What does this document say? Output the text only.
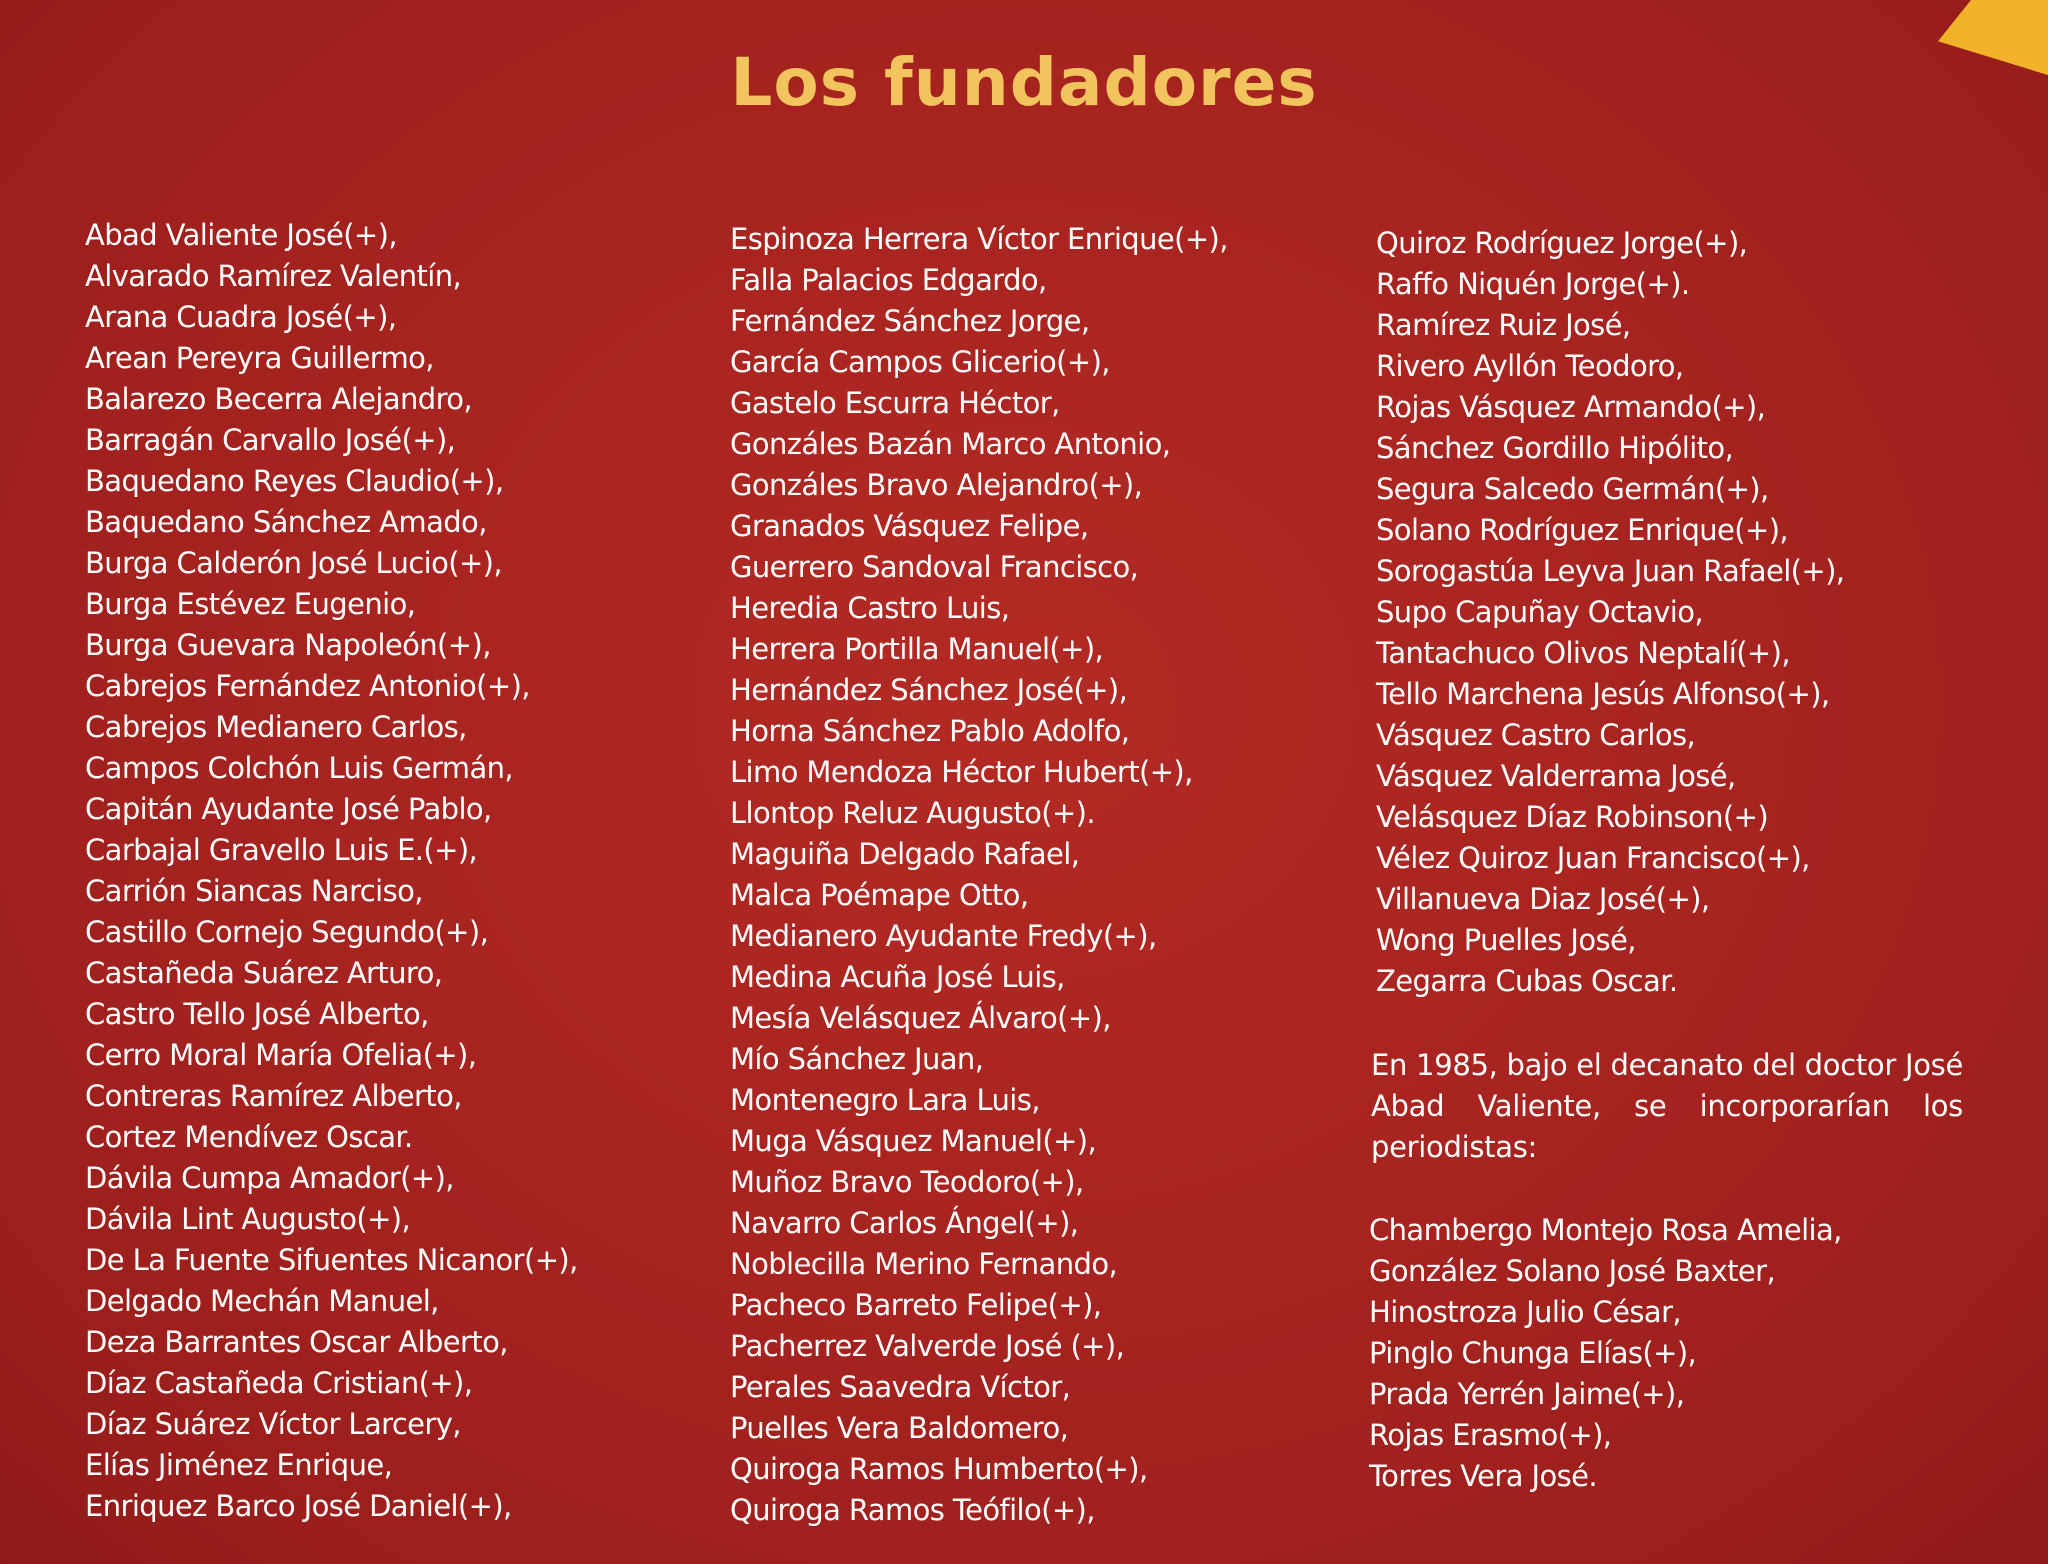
Los fundadores
Abad Valiente José(+),
Alvarado Ramírez Valentín,
Arana Cuadra José(+),
Arean Pereyra Guillermo,
Balarezo Becerra Alejandro,
Barragán Carvallo José(+),
Baquedano Reyes Claudio(+),
Baquedano Sánchez Amado,
Burga Calderón José Lucio(+),
Burga Estévez Eugenio,
Burga Guevara Napoleón(+),
Cabrejos Fernández Antonio(+),
Cabrejos Medianero Carlos,
Campos Colchón Luis Germán,
Capitán Ayudante José Pablo,
Carbajal Gravello Luis E.(+),
Carrión Siancas Narciso,
Castillo Cornejo Segundo(+),
Castañeda Suárez Arturo,
Castro Tello José Alberto,
Cerro Moral María Ofelia(+),
Contreras Ramírez Alberto,
Cortez Mendívez Oscar.
Dávila Cumpa Amador(+),
Dávila Lint Augusto(+),
De La Fuente Sifuentes Nicanor(+),
Delgado Mechán Manuel,
Deza Barrantes Oscar Alberto,
Díaz Castañeda Cristian(+),
Díaz Suárez Víctor Larcery,
Elías Jiménez Enrique,
Enriquez Barco José Daniel(+),
Espinoza Herrera Víctor Enrique(+),
Falla Palacios Edgardo,
Fernández Sánchez Jorge,
García Campos Glicerio(+),
Gastelo Escurra Héctor,
Gonzáles Bazán Marco Antonio,
Gonzáles Bravo Alejandro(+),
Granados Vásquez Felipe,
Guerrero Sandoval Francisco,
Heredia Castro Luis,
Herrera Portilla Manuel(+),
Hernández Sánchez José(+),
Horna Sánchez Pablo Adolfo,
Limo Mendoza Héctor Hubert(+),
Llontop Reluz Augusto(+).
Maguiña Delgado Rafael,
Malca Poémape Otto,
Medianero Ayudante Fredy(+),
Medina Acuña José Luis,
Mesía Velásquez Álvaro(+),
Mío Sánchez Juan,
Montenegro Lara Luis,
Muga Vásquez Manuel(+),
Muñoz Bravo Teodoro(+),
Navarro Carlos Ángel(+),
Noblecilla Merino Fernando,
Pacheco Barreto Felipe(+),
Pacherrez Valverde José (+),
Perales Saavedra Víctor,
Puelles Vera Baldomero,
Quiroga Ramos Humberto(+),
Quiroga Ramos Teófilo(+),
Quiroz Rodríguez Jorge(+),
Raffo Niquén Jorge(+).
Ramírez Ruiz José,
Rivero Ayllón Teodoro,
Rojas Vásquez Armando(+),
Sánchez Gordillo Hipólito,
Segura Salcedo Germán(+),
Solano Rodríguez Enrique(+),
Sorogastúa Leyva Juan Rafael(+),
Supo Capuñay Octavio,
Tantachuco Olivos Neptalí(+),
Tello Marchena Jesús Alfonso(+),
Vásquez Castro Carlos,
Vásquez Valderrama José,
Velásquez Díaz Robinson(+)
Vélez Quiroz Juan Francisco(+),
Villanueva Diaz José(+),
Wong Puelles José,
Zegarra Cubas Oscar.

En 1985, bajo el decanato del doctor José Abad Valiente, se incorporarían los periodistas:

Chambergo Montejo Rosa Amelia,
González Solano José Baxter,
Hinostroza Julio César,
Pinglo Chunga Elías(+),
Prada Yerrén Jaime(+),
Rojas Erasmo(+),
Torres Vera José.
